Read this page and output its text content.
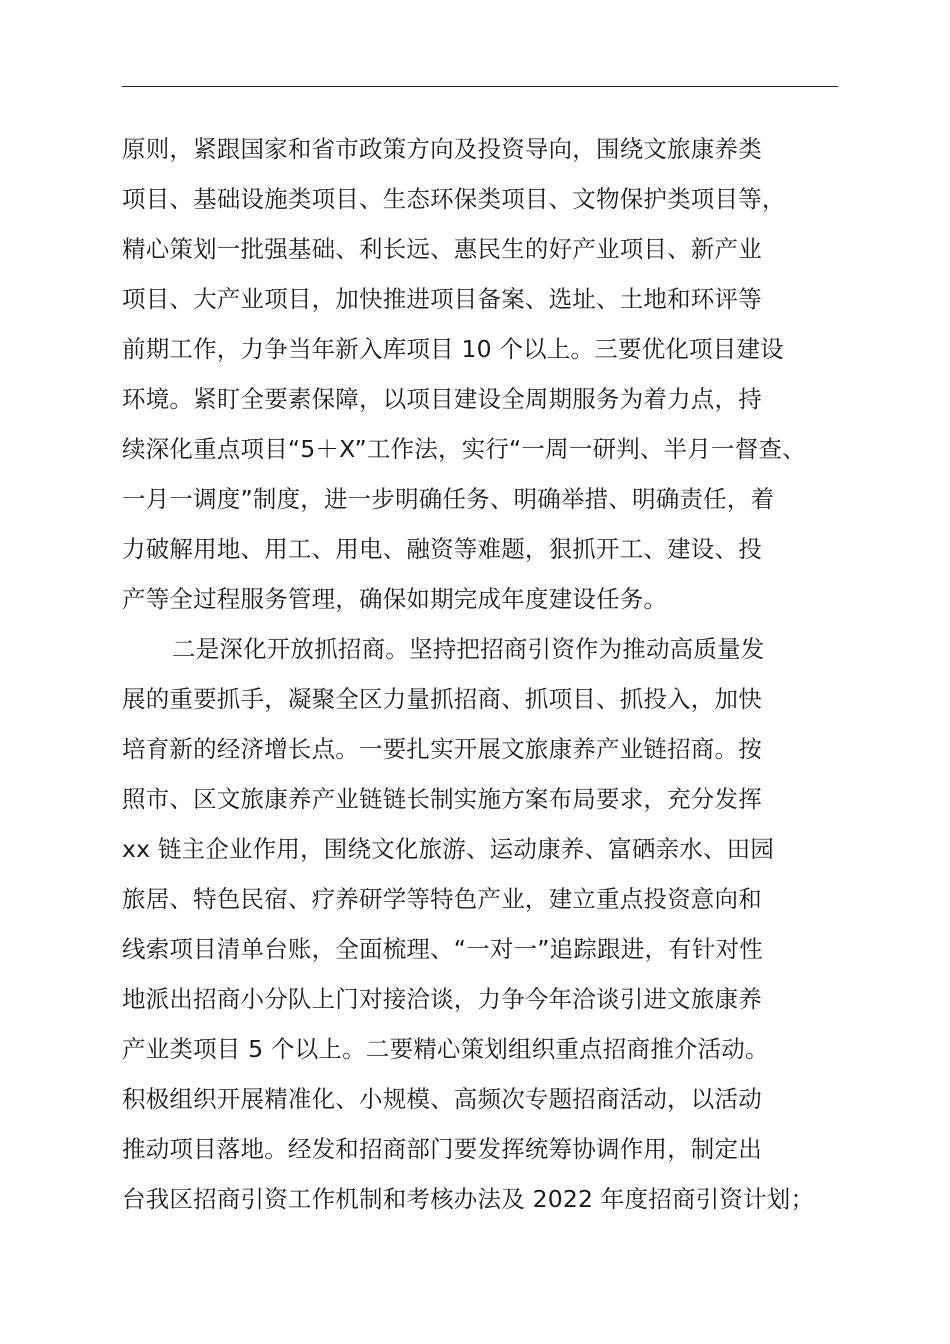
原则，紧跟国家和省市政策方向及投资导向，围绕文旅康养类
项目、基础设施类项目、生态环保类项目、文物保护类项目等，
精心策划一批强基础、利长远、惠民生的好产业项目、新产业
项目、大产业项目，加快推进项目备案、选址、土地和环评等
前期工作，力争当年新入库项目 10 个以上。三要优化项目建设
环境。紧盯全要素保障，以项目建设全周期服务为着力点，持
续深化重点项目“5＋X”工作法，实行“一周一研判、半月一督查、
一月一调度”制度，进一步明确任务、明确举措、明确责任，着
力破解用地、用工、用电、融资等难题，狠抓开工、建设、投
产等全过程服务管理，确保如期完成年度建设任务。
二是深化开放抓招商。坚持把招商引资作为推动高质量发
展的重要抓手，凝聚全区力量抓招商、抓项目、抓投入，加快
培育新的经济增长点。一要扎实开展文旅康养产业链招商。按
照市、区文旅康养产业链链长制实施方案布局要求，充分发挥
xx 链主企业作用，围绕文化旅游、运动康养、富硒亲水、田园
旅居、特色民宿、疗养研学等特色产业，建立重点投资意向和
线索项目清单台账，全面梳理、“一对一”追踪跟进，有针对性
地派出招商小分队上门对接洽谈，力争今年洽谈引进文旅康养
产业类项目 5 个以上。二要精心策划组织重点招商推介活动。
积极组织开展精准化、小规模、高频次专题招商活动，以活动
推动项目落地。经发和招商部门要发挥统筹协调作用，制定出
台我区招商引资工作机制和考核办法及 2022 年度招商引资计划；
